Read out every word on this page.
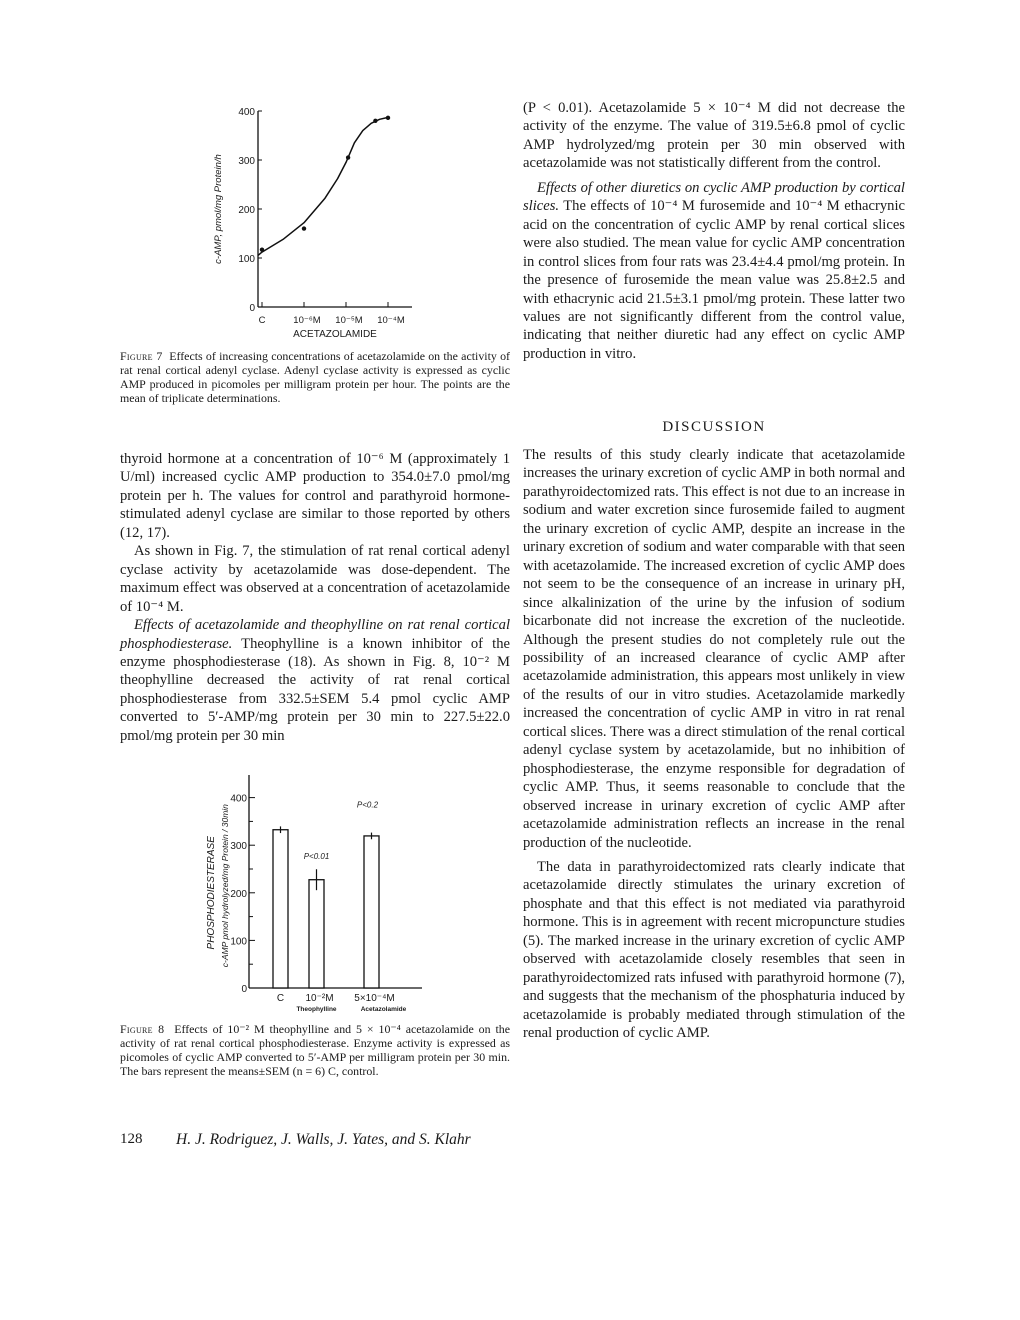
0
100
200
300
400
C	10⁻⁶M 10⁻⁵M 10⁻⁴M
ACETAZOLAMIDE
c-AMP, pmol/mg Protein/h
Figure 7 Effects of increasing concentrations of acetazolamide on the activity of rat renal cortical adenyl cyclase. Adenyl cyclase activity is expressed as cyclic AMP produced in picomoles per milligram protein per hour. The points are the mean of triplicate determinations.

thyroid hormone at a concentration of 10⁻⁶ M (approximately 1 U/ml) increased cyclic AMP production to 354.0±7.0 pmol/mg protein per h. The values for control and parathyroid hormone-stimulated adenyl cyclase are similar to those reported by others (12, 17).

As shown in Fig. 7, the stimulation of rat renal cortical adenyl cyclase activity by acetazolamide was dose-dependent. The maximum effect was observed at a concentration of acetazolamide of 10⁻⁴ M.

Effects of acetazolamide and theophylline on rat renal cortical phosphodiesterase. Theophylline is a known inhibitor of the enzyme phosphodiesterase (18). As shown in Fig. 8, 10⁻² M theophylline decreased the activity of rat renal cortical phosphodiesterase from 332.5±SEM 5.4 pmol cyclic AMP converted to 5′-AMP/mg protein per 30 min to 227.5±22.0 pmol/mg protein per 30 min

0
100
200
300
400
C 10⁻²M
Theophylline
P<0.01
5×10⁻⁴M
Acetazolamide
P<0.2
PHOSPHODIESTERASE c-AMP pmol hydrolyzed/mg Protein / 30min
Figure 8 Effects of 10⁻² M theophylline and 5 × 10⁻⁴ acetazolamide on the activity of rat renal cortical phosphodiesterase. Enzyme activity is expressed as picomoles of cyclic AMP converted to 5′-AMP per milligram protein per 30 min. The bars represent the means±SEM (n = 6) C, control.

(P < 0.01). Acetazolamide 5 × 10⁻⁴ M did not decrease the activity of the enzyme. The value of 319.5±6.8 pmol of cyclic AMP hydrolyzed/mg protein per 30 min observed with acetazolamide was not statistically different from the control.

Effects of other diuretics on cyclic AMP production by cortical slices. The effects of 10⁻⁴ M furosemide and 10⁻⁴ M ethacrynic acid on the concentration of cyclic AMP by renal cortical slices were also studied. The mean value for cyclic AMP concentration in control slices from four rats was 23.4±4.4 pmol/mg protein. In the presence of furosemide the mean value was 25.8±2.5 and with ethacrynic acid 21.5±3.1 pmol/mg protein. These latter two values are not significantly different from the control value, indicating that neither diuretic had any effect on cyclic AMP production in vitro.

DISCUSSION

The results of this study clearly indicate that acetazolamide increases the urinary excretion of cyclic AMP in both normal and parathyroidectomized rats. This effect is not due to an increase in sodium and water excretion since furosemide failed to augment the urinary excretion of cyclic AMP, despite an increase in the urinary excretion of sodium and water comparable with that seen with acetazolamide. The increased excretion of cyclic AMP does not seem to be the consequence of an increase in urinary pH, since alkalinization of the urine by the infusion of sodium bicarbonate did not increase the excretion of the nucleotide. Although the present studies do not completely rule out the possibility of an increased clearance of cyclic AMP after acetazolamide administration, this appears most unlikely in view of the results of our in vitro studies. Acetazolamide markedly increased the concentration of cyclic AMP in vitro in rat renal cortical slices. There was a direct stimulation of the renal cortical adenyl cyclase system by acetazolamide, but no inhibition of phosphodiesterase, the enzyme responsible for degradation of cyclic AMP. Thus, it seems reasonable to conclude that the observed increase in urinary excretion of cyclic AMP after acetazolamide administration reflects an increase in the renal production of the nucleotide.

The data in parathyroidectomized rats clearly indicate that acetazolamide directly stimulates the urinary excretion of phosphate and that this effect is not mediated via parathyroid hormone. This is in agreement with recent micropuncture studies (5). The marked increase in the urinary excretion of cyclic AMP observed with acetazolamide closely resembles that seen in parathyroidectomized rats infused with parathyroid hormone (7), and suggests that the mechanism of the phosphaturia induced by acetazolamide is probably mediated through stimulation of the renal production of cyclic AMP.

128 H. J. Rodriguez, J. Walls, J. Yates, and S. Klahr
